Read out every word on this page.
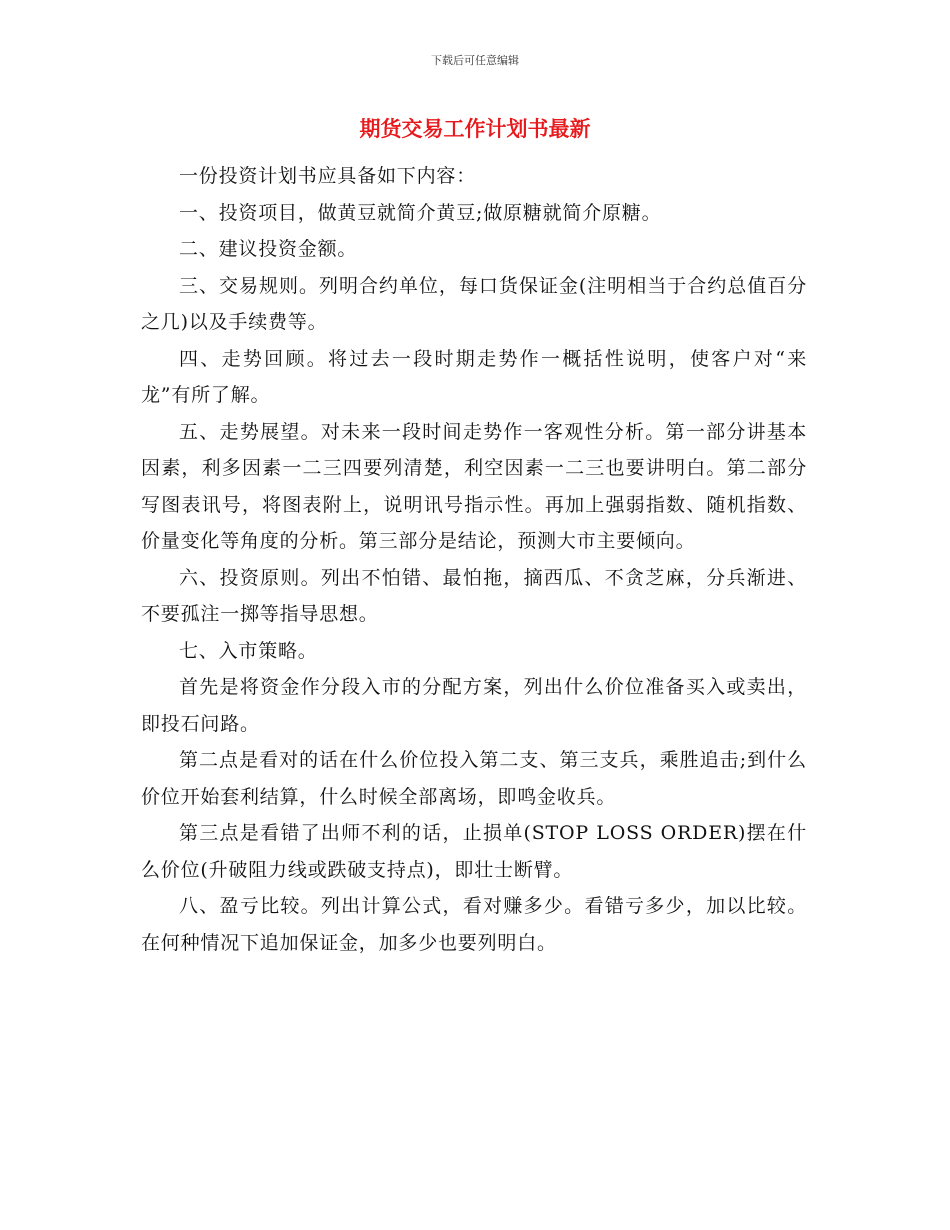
下载后可任意编辑
期货交易工作计划书最新

一份投资计划书应具备如下内容：

一、投资项目，做黄豆就简介黄豆;做原糖就简介原糖。

二、建议投资金额。

三、交易规则。列明合约单位，每口货保证金(注明相当于合约总值百分之几)以及手续费等。

四、走势回顾。将过去一段时期走势作一概括性说明，使客户对“来龙”有所了解。

五、走势展望。对未来一段时间走势作一客观性分析。第一部分讲基本因素，利多因素一二三四要列清楚，利空因素一二三也要讲明白。第二部分写图表讯号，将图表附上，说明讯号指示性。再加上强弱指数、随机指数、价量变化等角度的分析。第三部分是结论，预测大市主要倾向。

六、投资原则。列出不怕错、最怕拖，摘西瓜、不贪芝麻，分兵渐进、不要孤注一掷等指导思想。

七、入市策略。

首先是将资金作分段入市的分配方案，列出什么价位准备买入或卖出，即投石问路。

第二点是看对的话在什么价位投入第二支、第三支兵，乘胜追击;到什么价位开始套利结算，什么时候全部离场，即鸣金收兵。

第三点是看错了出师不利的话，止损单(STOP LOSS ORDER)摆在什么价位(升破阻力线或跌破支持点)，即壮士断臂。

八、盈亏比较。列出计算公式，看对赚多少。看错亏多少，加以比较。在何种情况下追加保证金，加多少也要列明白。
